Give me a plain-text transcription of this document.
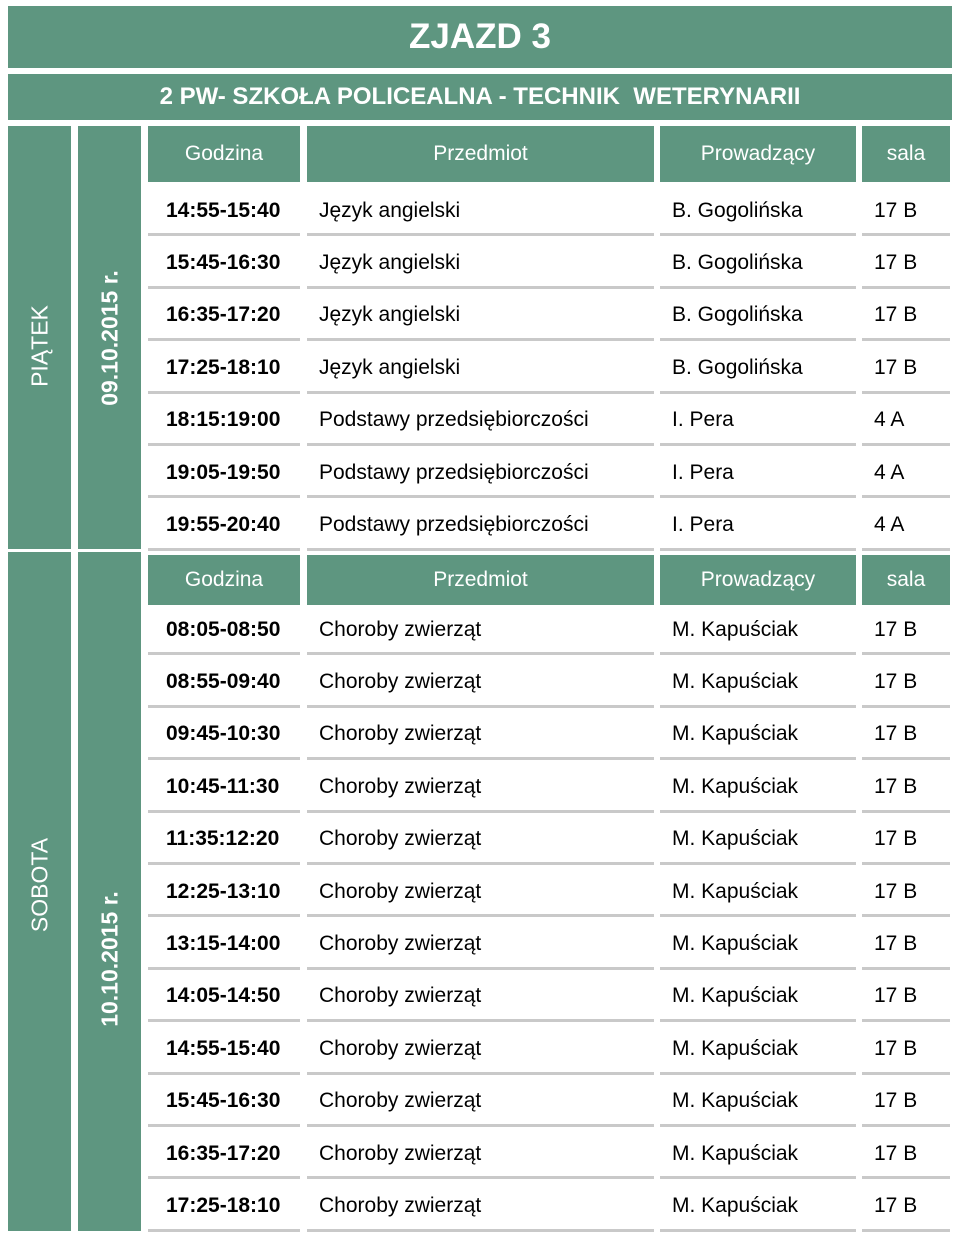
ZJAZD 3
2 PW- SZKOŁA POLICEALNA - TECHNIK  WETERYNARII
PIĄTEK 09.10.2015 r.
Godzina	Przedmiot	Prowadzący	sala
14:55-15:40	Język angielski	B. Gogolińska	17 B
15:45-16:30	Język angielski	B. Gogolińska	17 B
16:35-17:20	Język angielski	B. Gogolińska	17 B
17:25-18:10	Język angielski	B. Gogolińska	17 B
18:15:19:00	Podstawy przedsiębiorczości	I. Pera	4 A
19:05-19:50	Podstawy przedsiębiorczości	I. Pera	4 A
19:55-20:40	Podstawy przedsiębiorczości	I. Pera	4 A
SOBOTA
10.10.2015 r.
Godzina	Przedmiot	Prowadzący	sala
08:05-08:50	Choroby zwierząt	M. Kapuściak	17 B
08:55-09:40	Choroby zwierząt	M. Kapuściak	17 B
09:45-10:30	Choroby zwierząt	M. Kapuściak	17 B
10:45-11:30	Choroby zwierząt	M. Kapuściak	17 B
11:35:12:20	Choroby zwierząt	M. Kapuściak	17 B
12:25-13:10	Choroby zwierząt	M. Kapuściak	17 B
13:15-14:00	Choroby zwierząt	M. Kapuściak	17 B
14:05-14:50	Choroby zwierząt	M. Kapuściak	17 B
14:55-15:40	Choroby zwierząt	M. Kapuściak	17 B
15:45-16:30	Choroby zwierząt	M. Kapuściak	17 B
16:35-17:20	Choroby zwierząt	M. Kapuściak	17 B
17:25-18:10	Choroby zwierząt	M. Kapuściak	17 B
